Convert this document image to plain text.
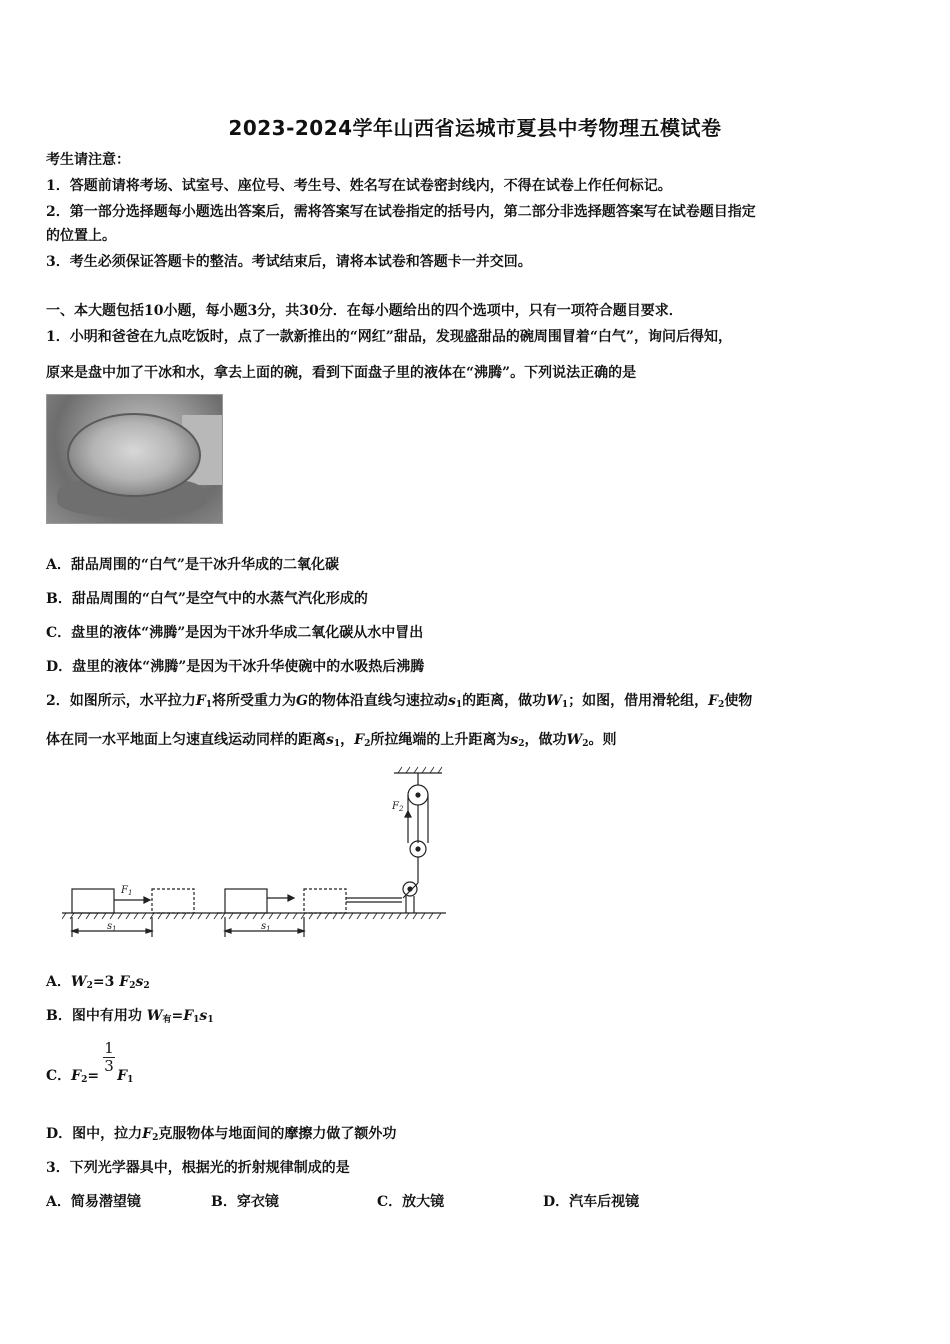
2023-2024学年山西省运城市夏县中考物理五模试卷
考生请注意：
1．答题前请将考场、试室号、座位号、考生号、姓名写在试卷密封线内，不得在试卷上作任何标记。
2．第一部分选择题每小题选出答案后，需将答案写在试卷指定的括号内，第二部分非选择题答案写在试卷题目指定
的位置上。
3．考生必须保证答题卡的整洁。考试结束后，请将本试卷和答题卡一并交回。
一、本大题包括10小题，每小题3分，共30分．在每小题给出的四个选项中，只有一项符合题目要求．
1．小明和爸爸在九点吃饭时，点了一款新推出的“网红”甜品，发现盛甜品的碗周围冒着“白气”，询问后得知，
原来是盘中加了干冰和水，拿去上面的碗，看到下面盘子里的液体在“沸腾”。下列说法正确的是
A．甜品周围的“白气”是干冰升华成的二氧化碳
B．甜品周围的“白气”是空气中的水蒸气汽化形成的
C．盘里的液体“沸腾”是因为干冰升华成二氧化碳从水中冒出
D．盘里的液体“沸腾”是因为干冰升华使碗中的水吸热后沸腾
2．如图所示，水平拉力$F_1$将所受重力为G的物体沿直线匀速拉动$s_1$的距离，做功$W_1$；如图，借用滑轮组，$F_2$使物
体在同一水平地面上匀速直线运动同样的距离$s_1$，$F_2$所拉绳端的上升距离为$s_2$，做功$W_2$。则
$F_1$
$F_2$
$s_1$	$s_1$
A．$W_2=3$ $F_2s_2$
B．图中有用功 $W_有=F_1s_1$
1
3
C．$F_2= F_1$
D．图中，拉力$F_2$克服物体与地面间的摩擦力做了额外功
3．下列光学器具中，根据光的折射规律制成的是
A．简易潜望镜	B．穿衣镜	C．放大镜	D．汽车后视镜
